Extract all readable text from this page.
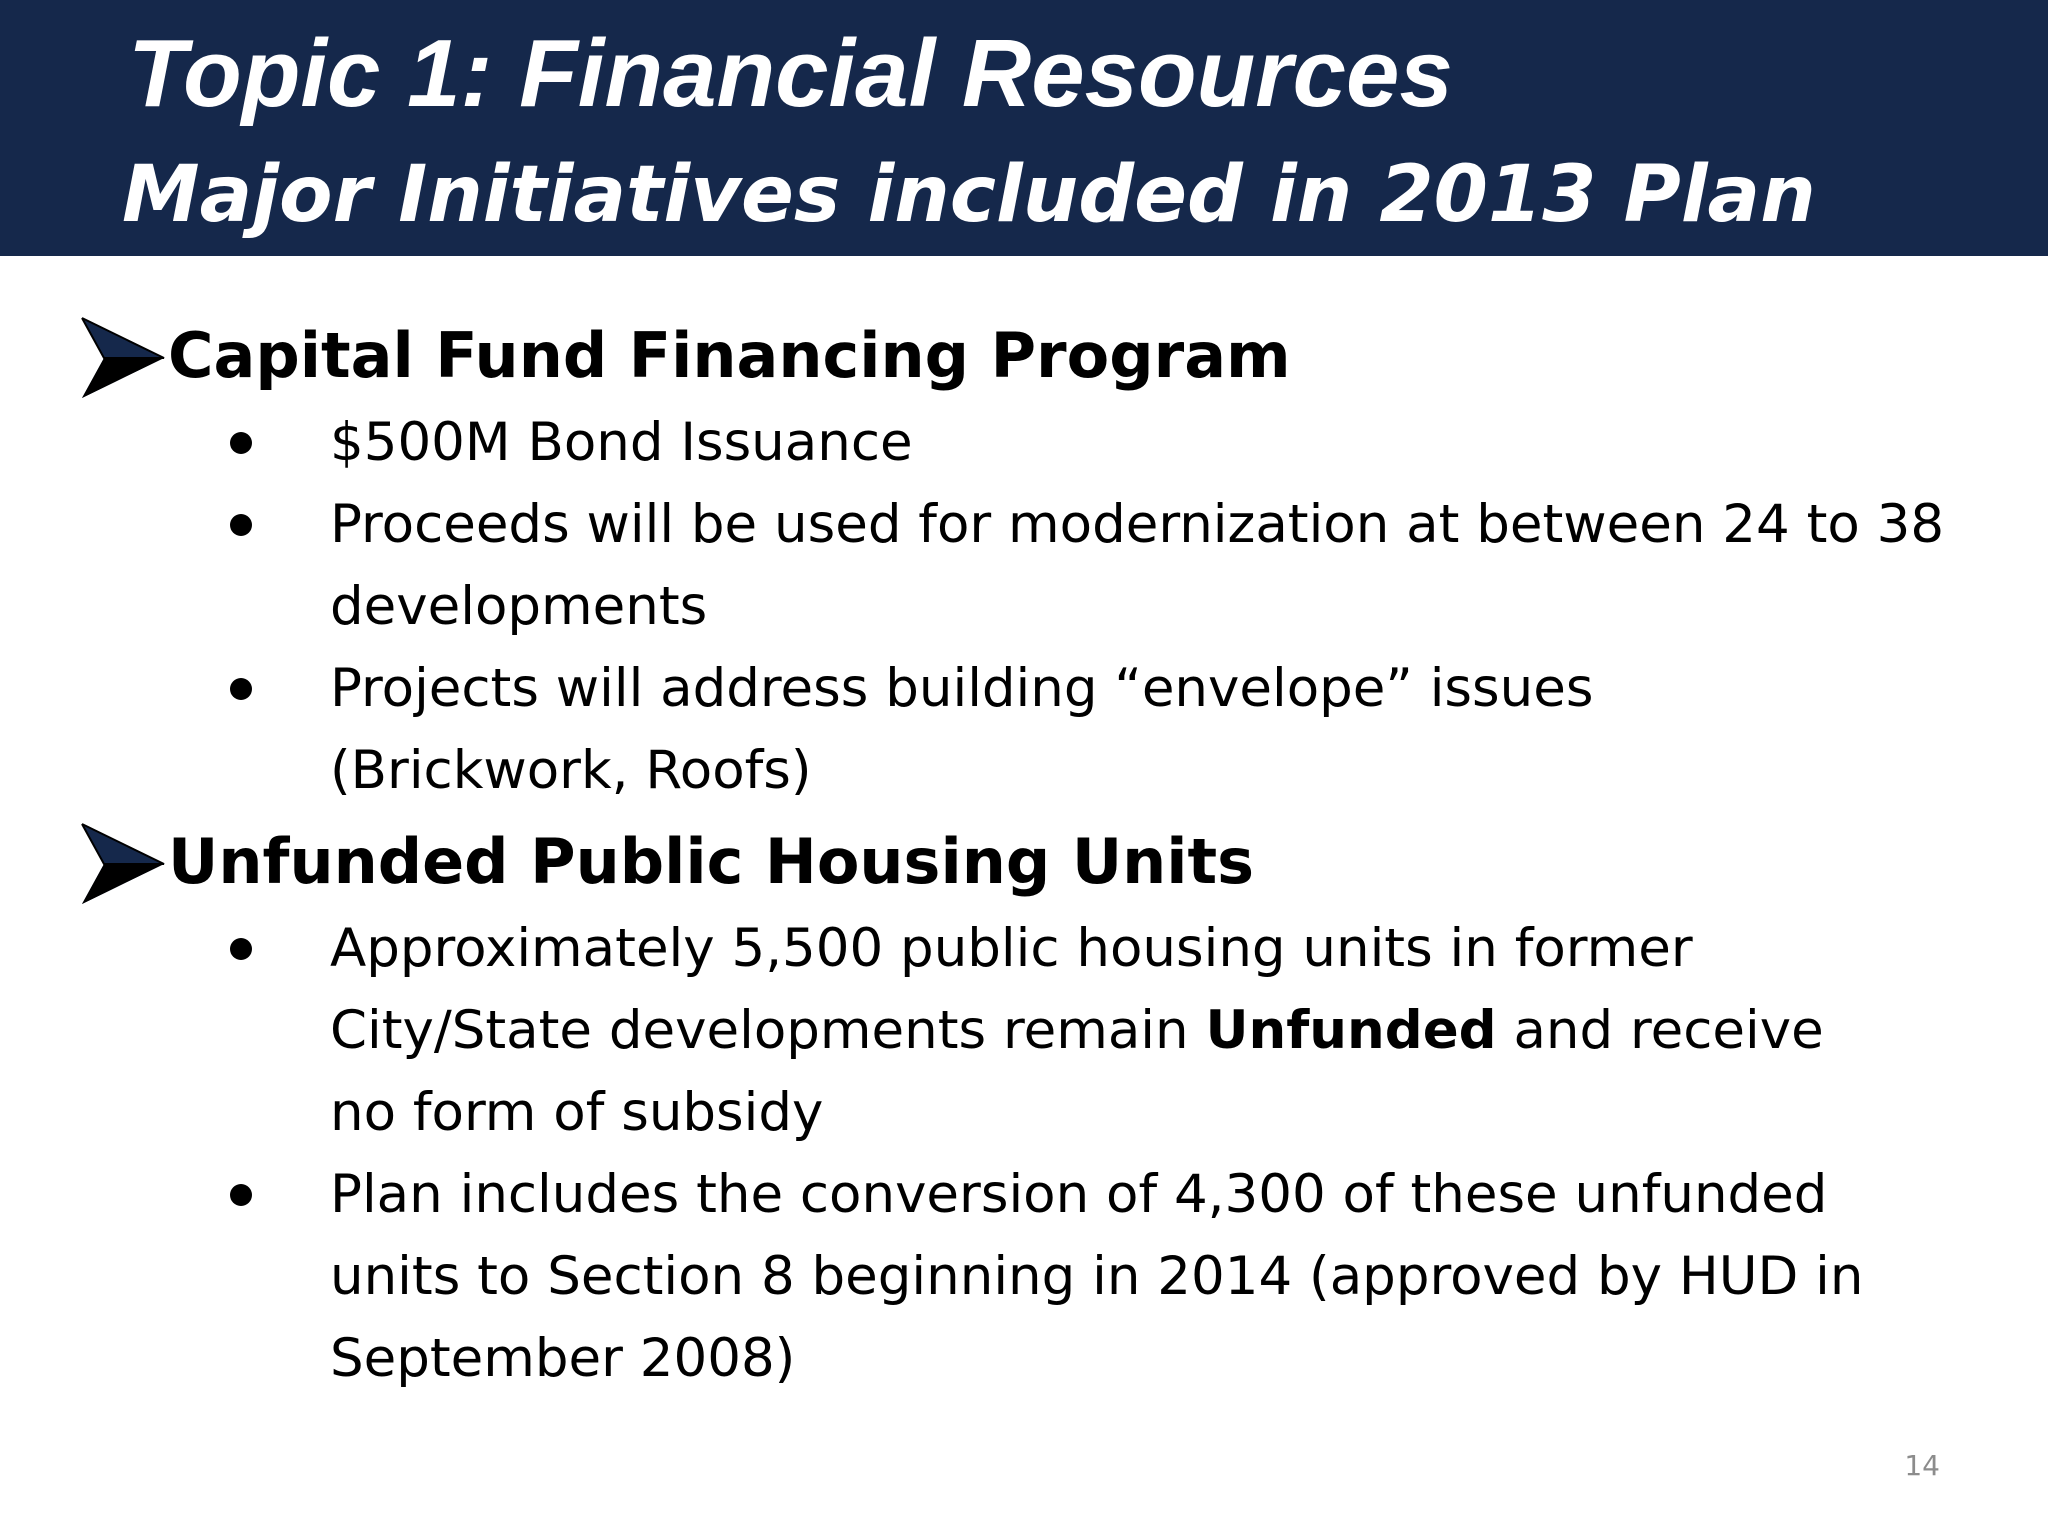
Topic 1: Financial Resources
Major Initiatives included in 2013 Plan
Capital Fund Financing Program
$500M Bond Issuance
Proceeds will be used for modernization at between 24 to 38 developments
Projects will address building “envelope” issues (Brickwork, Roofs)
Unfunded Public Housing Units
Approximately 5,500 public housing units in former City/State developments remain Unfunded and receive no form of subsidy
Plan includes the conversion of 4,300 of these unfunded units to Section 8 beginning in 2014 (approved by HUD in September 2008)
14
